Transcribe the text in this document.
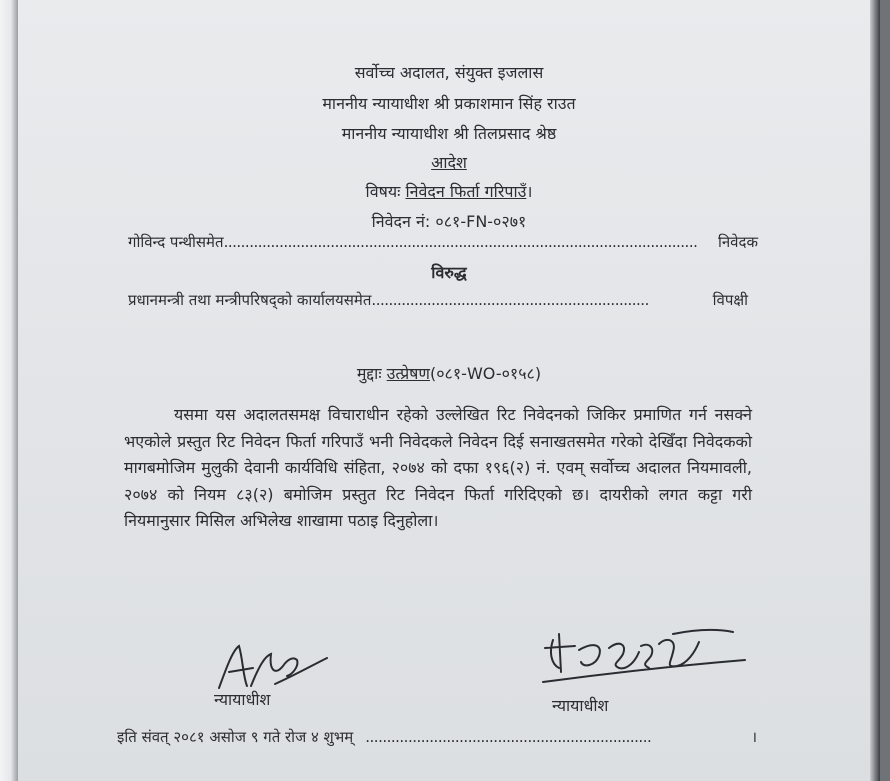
सर्वोच्च अदालत, संयुक्त इजलास
माननीय न्यायाधीश श्री प्रकाशमान सिंह राउत
माननीय न्यायाधीश श्री तिलप्रसाद श्रेष्ठ
आदेश
विषयः निवेदन फिर्ता गरिपाउँ।
निवेदन नं: ०८१-FN-०२७१
गोविन्द पन्थीसमेत ...............................................................................................................	निवेदक
विरुद्ध
प्रधानमन्त्री तथा मन्त्रीपरिषद्को कार्यालयसमेत .................................................................	विपक्षी
मुद्दाः उत्प्रेषण(०८१-WO-०१५८)
यसमा यस अदालतसमक्ष विचाराधीन रहेको उल्लेखित रिट निवेदनको जिकिर प्रमाणित गर्न नसक्ने भएकोले प्रस्तुत रिट निवेदन फिर्ता गरिपाउँ भनी निवेदकले निवेदन दिई सनाखतसमेत गरेको देखिँदा निवेदकको मागबमोजिम मुलुकी देवानी कार्यविधि संहिता, २०७४ को दफा १९६(२) नं. एवम् सर्वोच्च अदालत नियमावली, २०७४ को नियम ८३(२) बमोजिम प्रस्तुत रिट निवेदन फिर्ता गरिदिएको छ। दायरीको लगत कट्टा गरी नियमानुसार मिसिल अभिलेख शाखामा पठाइ दिनुहोला।
न्यायाधीश	न्यायाधीश
इति संवत् २०८१ असोज ९ गते रोज ४ शुभम् ...................................................................	।
